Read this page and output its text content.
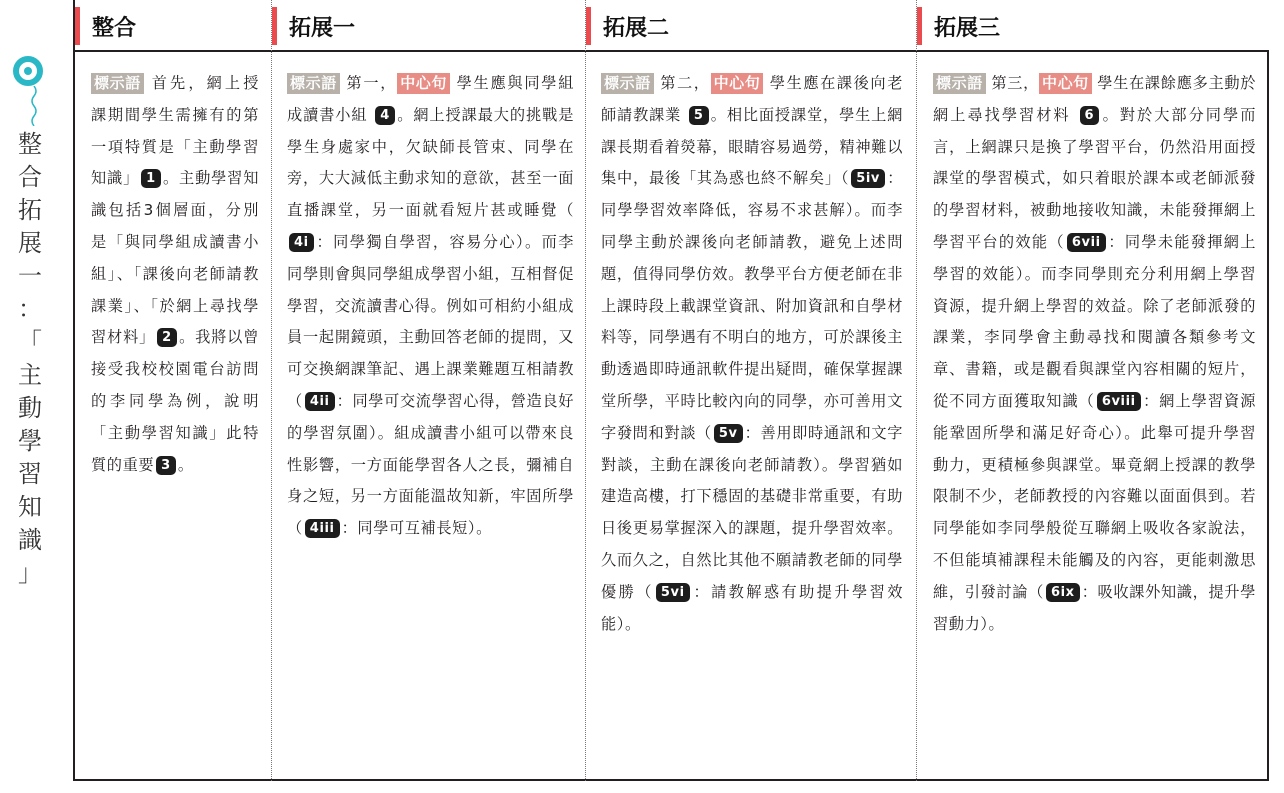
整
合
拓
展
一
：
「
主
動
學
習
知
識
」
整合
標示語 首先，網上授課期間學生需擁有的第一項特質是「主動學習知識」 1 。主動學習知識包括3個層面，分別是「與同學組成讀書小組」、「課後向老師請教課業」、「於網上尋找學習材料」 2 。我將以曾接受我校校園電台訪問的李同學為例，說明「主動學習知識」此特質的重要 3 。
拓展一
標示語 第一， 中心句 學生應與同學組成讀書小組 4 。網上授課最大的挑戰是學生身處家中，欠缺師長管束、同學在旁，大大減低主動求知的意欲，甚至一面直播課堂，另一面就看短片甚或睡覺（4i ：同學獨自學習，容易分心）。而李同學則會與同學組成學習小組，互相督促學習，交流讀書心得。例如可相約小組成員一起開鏡頭，主動回答老師的提問，又可交換網課筆記、遇上課業難題互相請教（ 4ii ：同學可交流學習心得，營造良好的學習氛圍）。組成讀書小組可以帶來良性影響，一方面能學習各人之長，彌補自身之短，另一方面能溫故知新，牢固所學（ 4iii ：同學可互補長短）。
拓展二
標示語 第二， 中心句 學生應在課後向老師請教課業 5 。相比面授課堂，學生上網課長期看着熒幕，眼睛容易過勞，精神難以集中，最後「其為惑也終不解矣」（ 5iv ：同學學習效率降低，容易不求甚解）。而李同學主動於課後向老師請教，避免上述問題，值得同學仿效。教學平台方便老師在非上課時段上載課堂資訊、附加資訊和自學材料等，同學遇有不明白的地方，可於課後主動透過即時通訊軟件提出疑問，確保掌握課堂所學，平時比較內向的同學，亦可善用文字發問和對談（ 5v ：善用即時通訊和文字對談，主動在課後向老師請教）。學習猶如建造高樓，打下穩固的基礎非常重要，有助日後更易掌握深入的課題，提升學習效率。久而久之，自然比其他不願請教老師的同學優勝（ 5vi ：請教解惑有助提升學習效能）。
拓展三
標示語 第三， 中心句 學生在課餘應多主動於網上尋找學習材料 6 。對於大部分同學而言，上網課只是換了學習平台，仍然沿用面授課堂的學習模式，如只着眼於課本或老師派發的學習材料，被動地接收知識，未能發揮網上學習平台的效能（ 6vii ：同學未能發揮網上學習的效能）。而李同學則充分利用網上學習資源，提升網上學習的效益。除了老師派發的課業，李同學會主動尋找和閱讀各類參考文章、書籍，或是觀看與課堂內容相關的短片，從不同方面獲取知識（ 6viii ：網上學習資源能鞏固所學和滿足好奇心）。此舉可提升學習動力，更積極參與課堂。畢竟網上授課的教學限制不少，老師教授的內容難以面面俱到。若同學能如李同學般從互聯網上吸收各家說法，不但能填補課程未能觸及的內容，更能刺激思維，引發討論（ 6ix ：吸收課外知識，提升學習動力）。
